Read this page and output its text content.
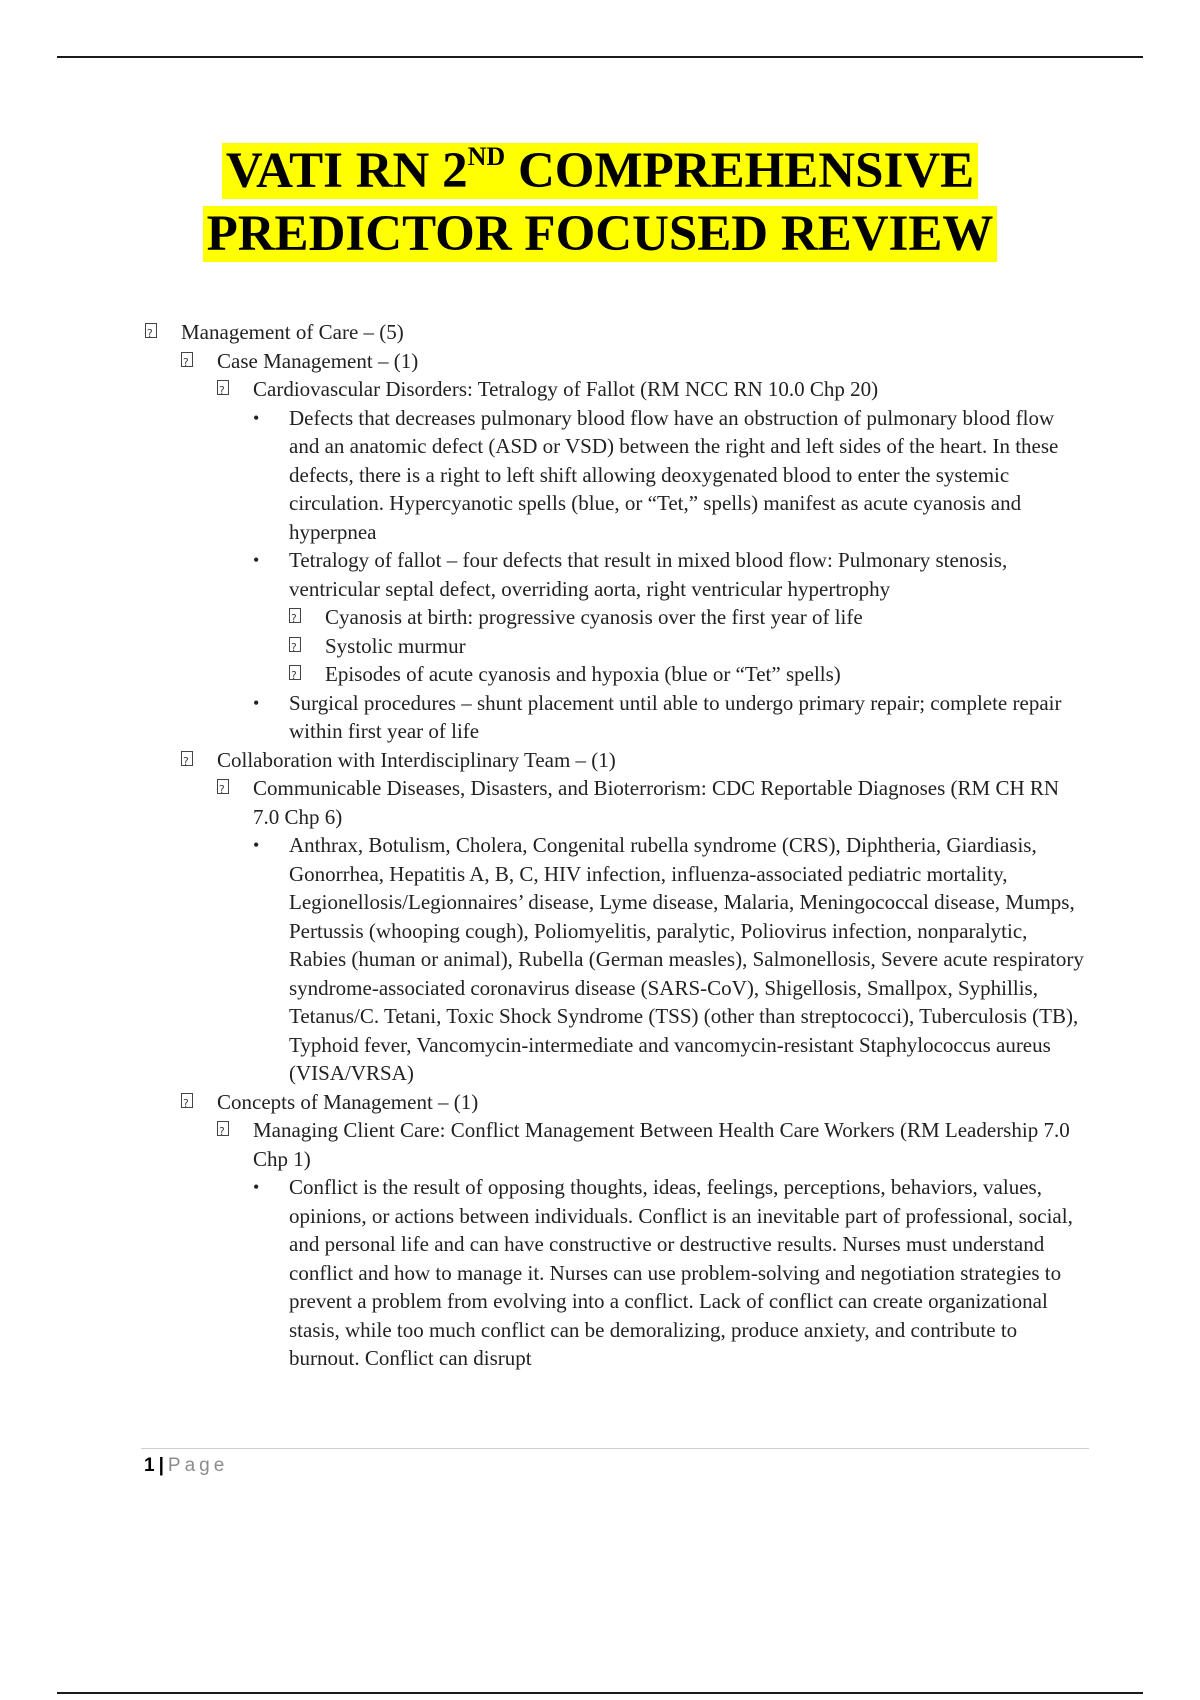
VATI RN 2ND COMPREHENSIVE
PREDICTOR FOCUSED REVIEW
?
Management of Care – (5)
?
Case Management – (1)
?
Cardiovascular Disorders: Tetralogy of Fallot (RM NCC RN 10.0 Chp 20)
• Defects that decreases pulmonary blood flow have an obstruction of pulmonary blood flow and an anatomic defect (ASD or VSD) between the right and left sides of the heart. In these defects, there is a right to left shift allowing deoxygenated blood to enter the systemic circulation. Hypercyanotic spells (blue, or “Tet,” spells) manifest as acute cyanosis and hyperpnea
• Tetralogy of fallot – four defects that result in mixed blood flow: Pulmonary stenosis, ventricular septal defect, overriding aorta, right ventricular hypertrophy
?
Cyanosis at birth: progressive cyanosis over the first year of life
?
Systolic murmur
?
Episodes of acute cyanosis and hypoxia (blue or “Tet” spells)
• Surgical procedures – shunt placement until able to undergo primary repair; complete repair within first year of life
?
Collaboration with Interdisciplinary Team – (1)
?
Communicable Diseases, Disasters, and Bioterrorism: CDC Reportable Diagnoses (RM CH RN 7.0 Chp 6)
• Anthrax, Botulism, Cholera, Congenital rubella syndrome (CRS), Diphtheria, Giardiasis, Gonorrhea, Hepatitis A, B, C, HIV infection, influenza-associated pediatric mortality, Legionellosis/Legionnaires’ disease, Lyme disease, Malaria, Meningococcal disease, Mumps, Pertussis (whooping cough), Poliomyelitis, paralytic, Poliovirus infection, nonparalytic, Rabies (human or animal), Rubella (German measles), Salmonellosis, Severe acute respiratory syndrome-associated coronavirus disease (SARS-CoV), Shigellosis, Smallpox, Syphillis, Tetanus/C. Tetani, Toxic Shock Syndrome (TSS) (other than streptococci), Tuberculosis (TB), Typhoid fever, Vancomycin-intermediate and vancomycin-resistant Staphylococcus aureus (VISA/VRSA)
?
Concepts of Management – (1)
?
Managing Client Care: Conflict Management Between Health Care Workers (RM Leadership 7.0 Chp 1)
• Conflict is the result of opposing thoughts, ideas, feelings, perceptions, behaviors, values, opinions, or actions between individuals. Conflict is an inevitable part of professional, social, and personal life and can have constructive or destructive results. Nurses must understand conflict and how to manage it. Nurses can use problem-solving and negotiation strategies to prevent a problem from evolving into a conflict. Lack of conflict can create organizational stasis, while too much conflict can be demoralizing, produce anxiety, and contribute to burnout. Conflict can disrupt
1 | Page
